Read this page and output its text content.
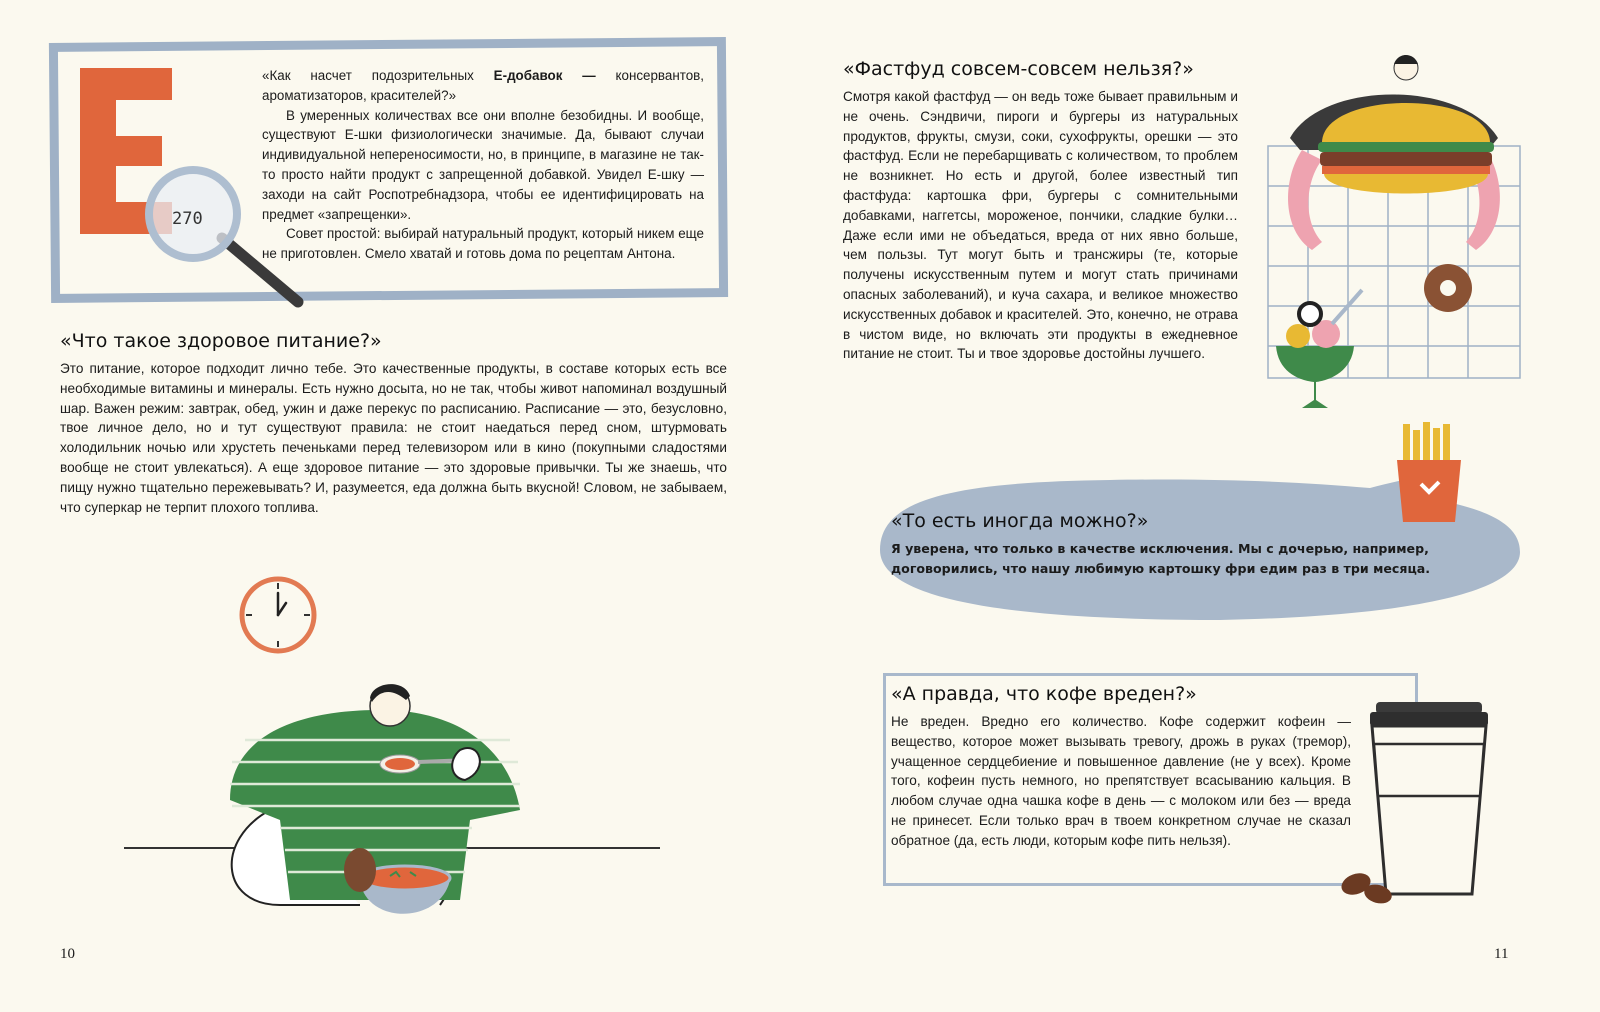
270

«Как насчет подозрительных Е-добавок — консервантов, ароматизаторов, красителей?»

В умеренных количествах все они вполне безобидны. И вообще, существуют Е-шки физиологически значимые. Да, бывают случаи индивидуальной непереносимости, но, в принципе, в магазине не так-то просто найти продукт с запрещенной добавкой. Увидел Е-шку — заходи на сайт Роспотребнадзора, чтобы ее идентифицировать на предмет «запрещенки».

Совет простой: выбирай натуральный продукт, который никем еще не приготовлен. Смело хватай и готовь дома по рецептам Антона.

«Что такое здоровое питание?»
Это питание, которое подходит лично тебе. Это качественные продукты, в составе которых есть все необходимые витамины и минералы. Есть нужно досыта, но не так, чтобы живот напоминал воздушный шар. Важен режим: завтрак, обед, ужин и даже перекус по расписанию. Расписание — это, безусловно, твое личное дело, но и тут существуют правила: не стоит наедаться перед сном, штурмовать холодильник ночью или хрустеть печеньками перед телевизором или в кино (покупными сладостями вообще не стоит увлекаться). А еще здоровое питание — это здоровые привычки. Ты же знаешь, что пищу нужно тщательно пережевывать? И, разумеется, еда должна быть вкусной! Словом, не забываем, что суперкар не терпит плохого топлива.
10
«Фастфуд совсем-совсем нельзя?»
Смотря какой фастфуд — он ведь тоже бывает правильным и не очень. Сэндвичи, пироги и бургеры из натуральных продуктов, фрукты, смузи, соки, сухофрукты, орешки — это фастфуд. Если не перебарщивать с количеством, то проблем не возникнет. Но есть и другой, более известный тип фастфуда: картошка фри, бургеры с сомнительными добавками, наггетсы, мороженое, пончики, сладкие булки… Даже если ими не объедаться, вреда от них явно больше, чем пользы. Тут могут быть и трансжиры (те, которые получены искусственным путем и могут стать причинами опасных заболеваний), и куча сахара, и великое множество искусственных добавок и красителей. Это, конечно, не отрава в чистом виде, но включать эти продукты в ежедневное питание не стоит. Ты и твое здоровье достойны лучшего.
«То есть иногда можно?»
Я уверена, что только в качестве исключения. Мы с дочерью, например,
договорились, что нашу любимую картошку фри едим раз в три месяца.
«А правда, что кофе вреден?»
Не вреден. Вредно его количество. Кофе содержит кофеин — вещество, которое может вызывать тревогу, дрожь в руках (тремор), учащенное сердцебиение и повышенное давление (не у всех). Кроме того, кофеин пусть немного, но препятствует всасыванию кальция. В любом случае одна чашка кофе в день — с молоком или без — вреда не принесет. Если только врач в твоем конкретном случае не сказал обратное (да, есть люди, которым кофе пить нельзя).
11
